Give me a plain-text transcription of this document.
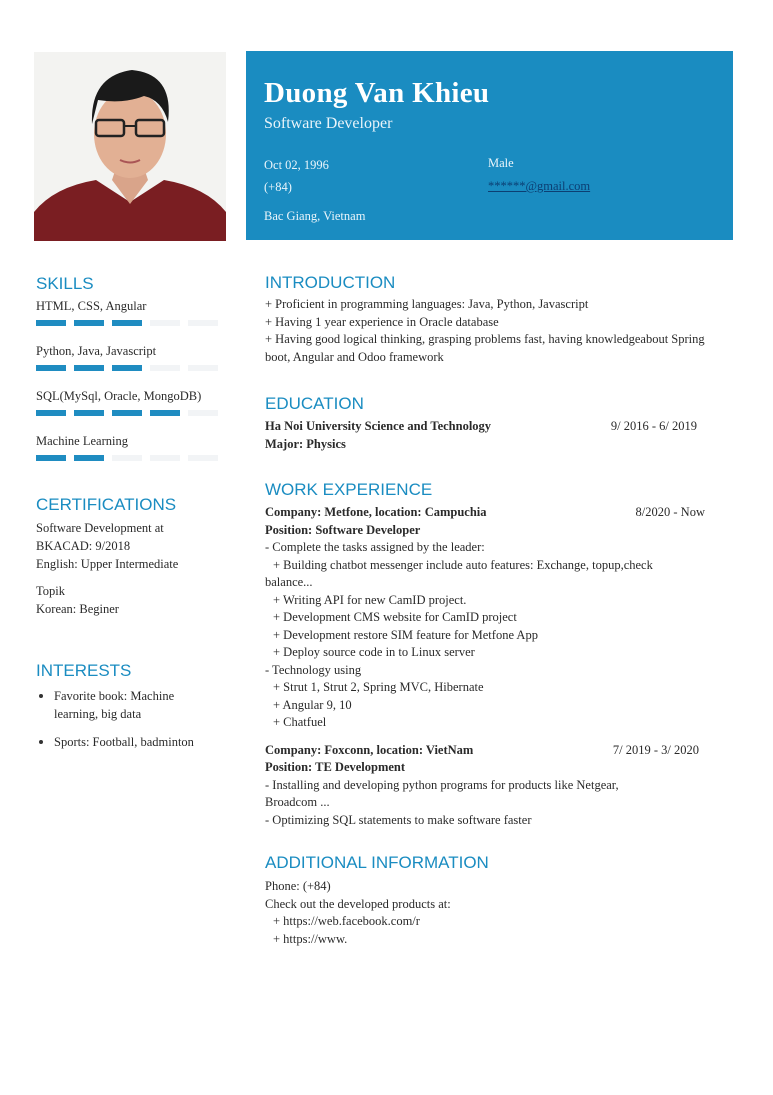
Duong Van Khieu
Software Developer
Oct 02, 1996	Male
(+84)	******@gmail.com
Bac Giang, Vietnam
SKILLS
HTML, CSS, Angular
Python, Java, Javascript
SQL(MySql, Oracle, MongoDB)
Machine Learning
CERTIFICATIONS
Software Development at
BKACAD: 9/2018
English: Upper Intermediate
Topik
Korean: Beginer
INTERESTS
Favorite book: Machine
learning, big data
Sports: Football, badminton
INTRODUCTION
+ Proficient in programming languages: Java, Python, Javascript
+ Having 1 year experience in Oracle database
+ Having good logical thinking, grasping problems fast, having knowledgeabout Spring
boot, Angular and Odoo framework
EDUCATION
Ha Noi University Science and Technology	9/ 2016 - 6/ 2019
Major: Physics
WORK EXPERIENCE
Company: Metfone, location: Campuchia	8/2020 - Now
Position: Software Developer
- Complete the tasks assigned by the leader:
+ Building chatbot messenger include auto features: Exchange, topup,check
balance...
+ Writing API for new CamID project.
+ Development CMS website for CamID project
+ Development restore SIM feature for Metfone App
+ Deploy source code in to Linux server
- Technology using
+ Strut 1, Strut 2, Spring MVC, Hibernate
+ Angular 9, 10
+ Chatfuel
Company: Foxconn, location: VietNam	7/ 2019 - 3/ 2020
Position: TE Development
- Installing and developing python programs for products like Netgear,
Broadcom ...
- Optimizing SQL statements to make software faster
ADDITIONAL INFORMATION
Phone: (+84)
Check out the developed products at:
+ https://web.facebook.com/r
+ https://www.
